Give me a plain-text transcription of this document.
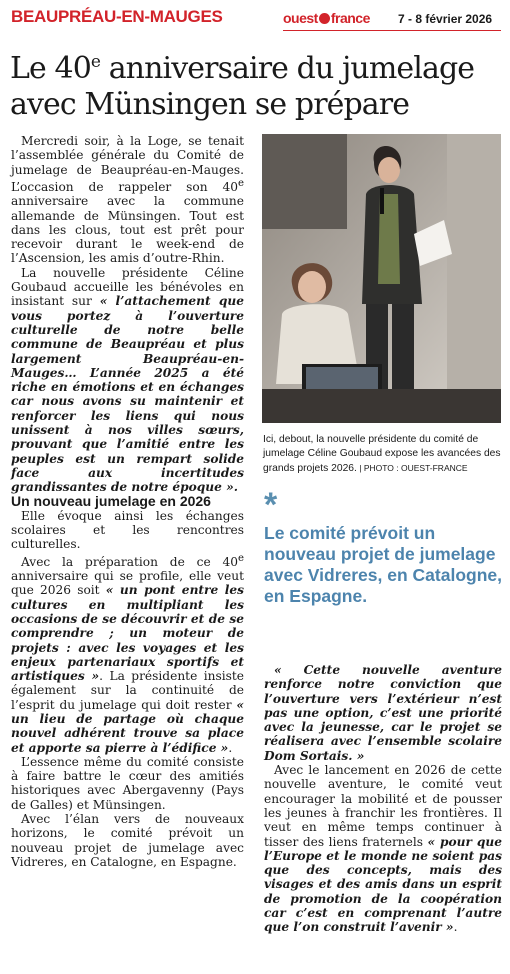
BEAUPRÉAU-EN-MAUGES	ouest france 7 - 8 février 2026
Le 40e anniversaire du jumelage avec Münsingen se prépare

Mercredi soir, à la Loge, se tenait l’assemblée générale du Comité de jumelage de Beaupréau-en-Mauges. L’occasion de rappeler son 40e anniversaire avec la commune allemande de Münsingen. Tout est dans les clous, tout est prêt pour recevoir durant le week-end de l’Ascension, les amis d’outre-Rhin.

La nouvelle présidente Céline Goubaud accueille les bénévoles en insistant sur « l’attachement que vous portez à l’ouverture culturelle de notre belle commune de Beaupréau et plus largement Beaupréau-en-Mauges… L’année 2025 a été riche en émotions et en échanges car nous avons su maintenir et renforcer les liens qui nous unissent à nos villes sœurs, prouvant que l’amitié entre les peuples est un rempart solide face aux incertitudes grandissantes de notre époque ».

Un nouveau jumelage en 2026

Elle évoque ainsi les échanges scolaires et les rencontres culturelles.

Avec la préparation de ce 40e anniversaire qui se profile, elle veut que 2026 soit « un pont entre les cultures en multipliant les occasions de se découvrir et de se comprendre ; un moteur de projets : avec les voyages et les enjeux partenariaux sportifs et artistiques ». La présidente insiste également sur la continuité de l’esprit du jumelage qui doit rester « un lieu de partage où chaque nouvel adhérent trouve sa place et apporte sa pierre à l’édifice ».

L’essence même du comité consiste à faire battre le cœur des amitiés historiques avec Abergavenny (Pays de Galles) et Münsingen.

Avec l’élan vers de nouveaux horizons, le comité prévoit un nouveau projet de jumelage avec Vidreres, en Catalogne, en Espagne.

Ici, debout, la nouvelle présidente du comité de jumelage Céline Goubaud expose les avancées des grands projets 2026. | PHOTO : OUEST-FRANCE
*
Le comité prévoit un nouveau projet de jumelage avec Vidreres, en Catalogne, en Espagne.

« Cette nouvelle aventure renforce notre conviction que l’ouverture vers l’extérieur n’est pas une option, c’est une priorité avec la jeunesse, car le projet se réalisera avec l’ensemble scolaire Dom Sortais. »

Avec le lancement en 2026 de cette nouvelle aventure, le comité veut encourager la mobilité et de pousser les jeunes à franchir les frontières. Il veut en même temps continuer à tisser des liens fraternels « pour que l’Europe et le monde ne soient pas que des concepts, mais des visages et des amis dans un esprit de promotion de la coopération car c’est en comprenant l’autre que l’on construit l’avenir ».
